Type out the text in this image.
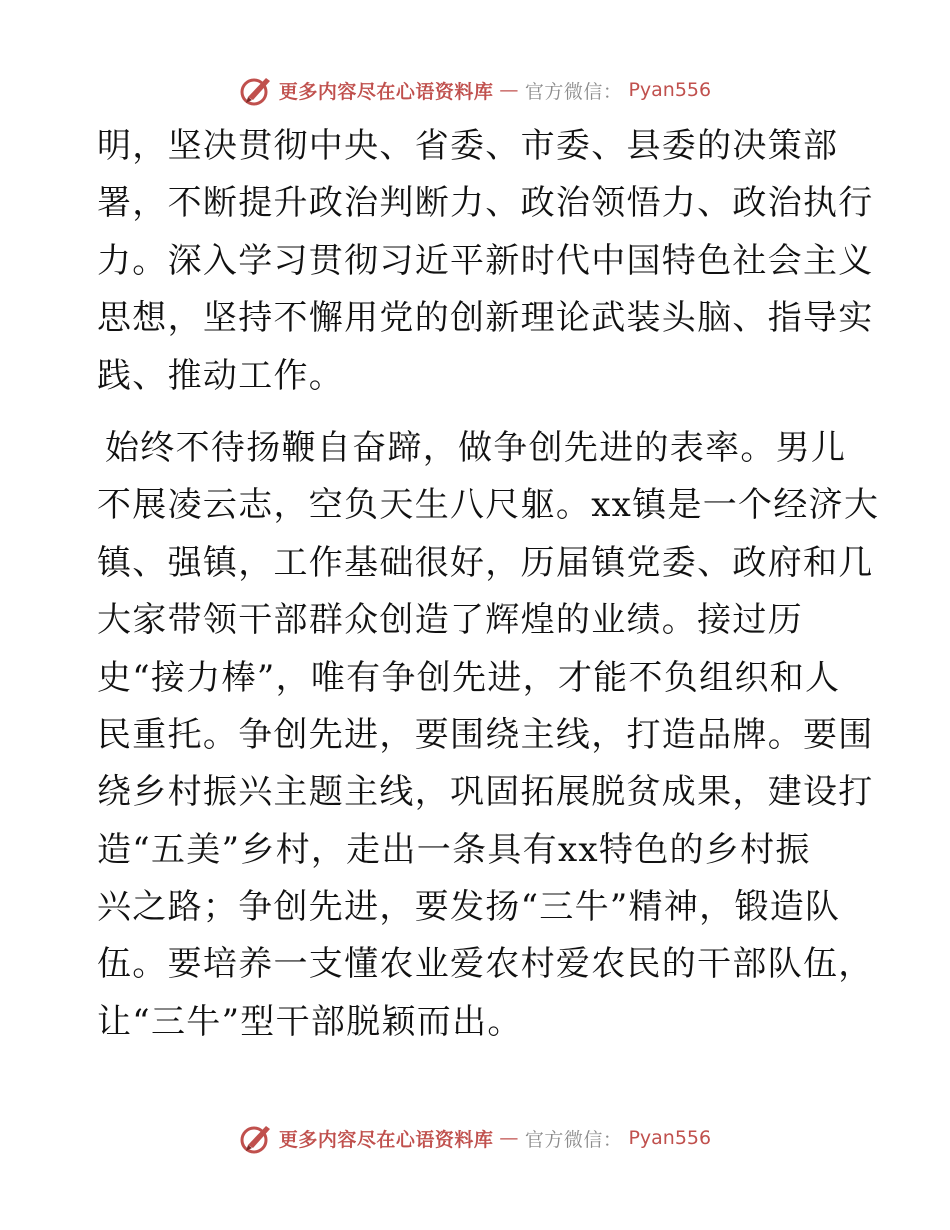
更多内容尽在心语资料库 — 官方微信： Pyan556
明，坚决贯彻中央、省委、市委、县委的决策部
署，不断提升政治判断力、政治领悟力、政治执行
力。深入学习贯彻习近平新时代中国特色社会主义
思想，坚持不懈用党的创新理论武装头脑、指导实
践、推动工作。
始终不待扬鞭自奋蹄，做争创先进的表率。男儿
不展凌云志，空负天生八尺躯。xx镇是一个经济大
镇、强镇，工作基础很好，历届镇党委、政府和几
大家带领干部群众创造了辉煌的业绩。接过历
史“接力棒”，唯有争创先进，才能不负组织和人
民重托。争创先进，要围绕主线，打造品牌。要围
绕乡村振兴主题主线，巩固拓展脱贫成果，建设打
造“五美”乡村，走出一条具有xx特色的乡村振
兴之路；争创先进，要发扬“三牛”精神，锻造队
伍。要培养一支懂农业爱农村爱农民的干部队伍，
让“三牛”型干部脱颖而出。
更多内容尽在心语资料库 — 官方微信： Pyan556
